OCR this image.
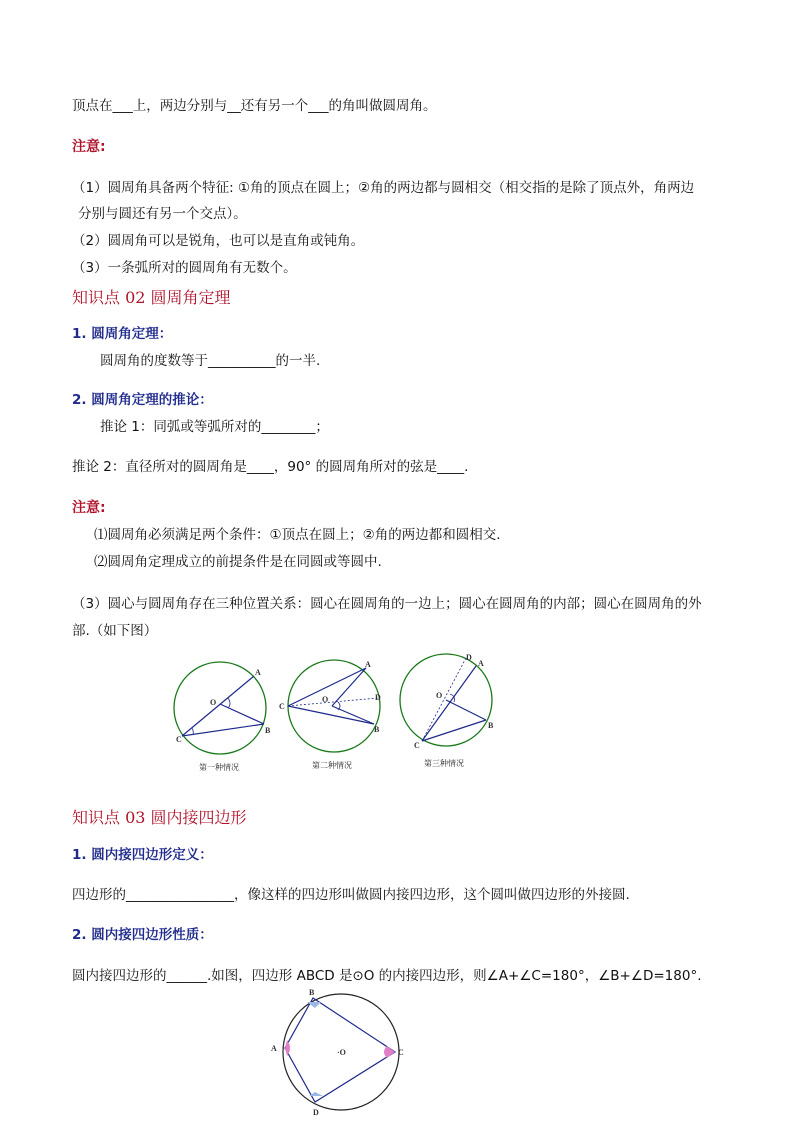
顶点在___上，两边分别与__还有另一个___的角叫做圆周角。
注意:
（1）圆周角具备两个特征: ①角的顶点在圆上；②角的两边都与圆相交（相交指的是除了顶点外，角两边
分别与圆还有另一个交点）。
（2）圆周角可以是锐角，也可以是直角或钝角。
（3）一条弧所对的圆周角有无数个。
知识点 02 圆周角定理
1. 圆周角定理：
圆周角的度数等于__________的一半.
2. 圆周角定理的推论：
推论 1：同弧或等弧所对的________；
推论 2：直径所对的圆周角是____，90° 的圆周角所对的弦是____.
注意:
⑴圆周角必须满足两个条件：①顶点在圆上；②角的两边都和圆相交.
⑵圆周角定理成立的前提条件是在同圆或等圆中.
（3）圆心与圆周角存在三种位置关系：圆心在圆周角的一边上；圆心在圆周角的内部；圆心在圆周角的外
部.（如下图）
A
O
C
B
第一种情况
A
O
C
D
B
第二种情况
D
A
O
C
B
第三种情况
知识点 03 圆内接四边形
1. 圆内接四边形定义：
四边形的________________，像这样的四边形叫做圆内接四边形，这个圆叫做四边形的外接圆.
2. 圆内接四边形性质：
圆内接四边形的______.如图，四边形 ABCD 是⊙O 的内接四边形，则∠A+∠C=180°，∠B+∠D=180°.
B
A
D
C
·O
